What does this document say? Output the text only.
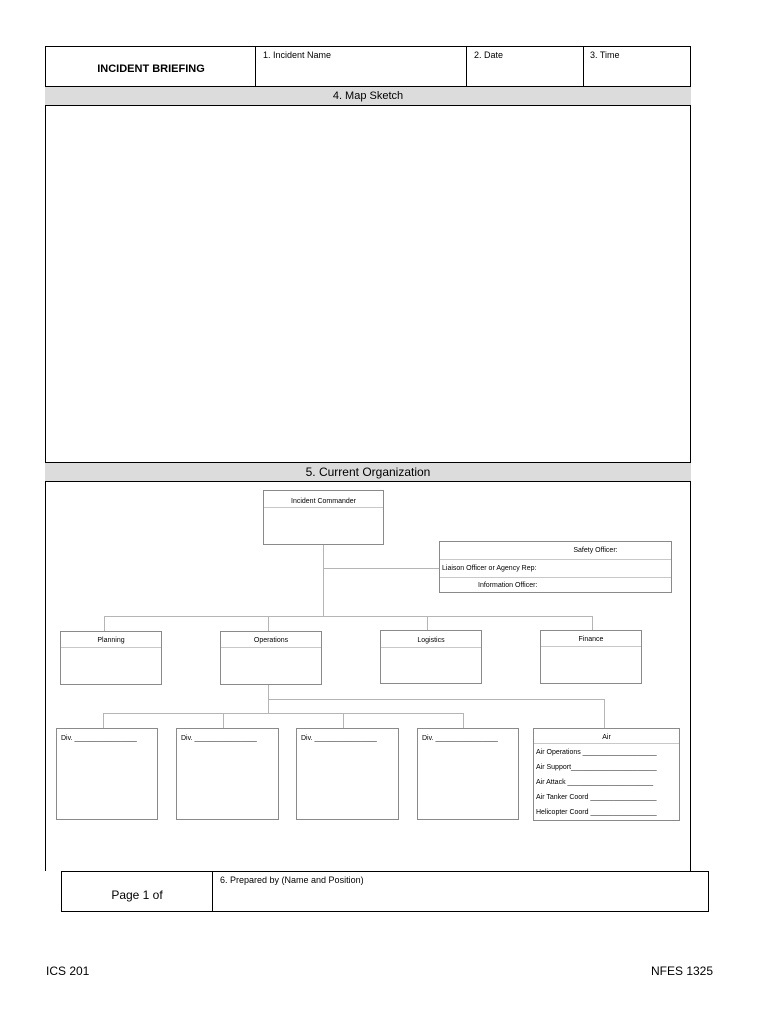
INCIDENT BRIEFING
1. Incident Name	2. Date	3. Time
4. Map Sketch
5. Current Organization
Incident Commander
Safety Officer:
Liaison Officer or Agency Rep:
Information Officer:
Planning	Operations	Logistics	Finance
Div. ________________	Div. ________________	Div. ________________	Div. ________________	Air
Air Operations ___________________
Air Support______________________
Air Attack ______________________
Air Tanker Coord _________________
Helicopter Coord _________________
Page 1 of
6. Prepared by (Name and Position)
ICS 201	NFES 1325
